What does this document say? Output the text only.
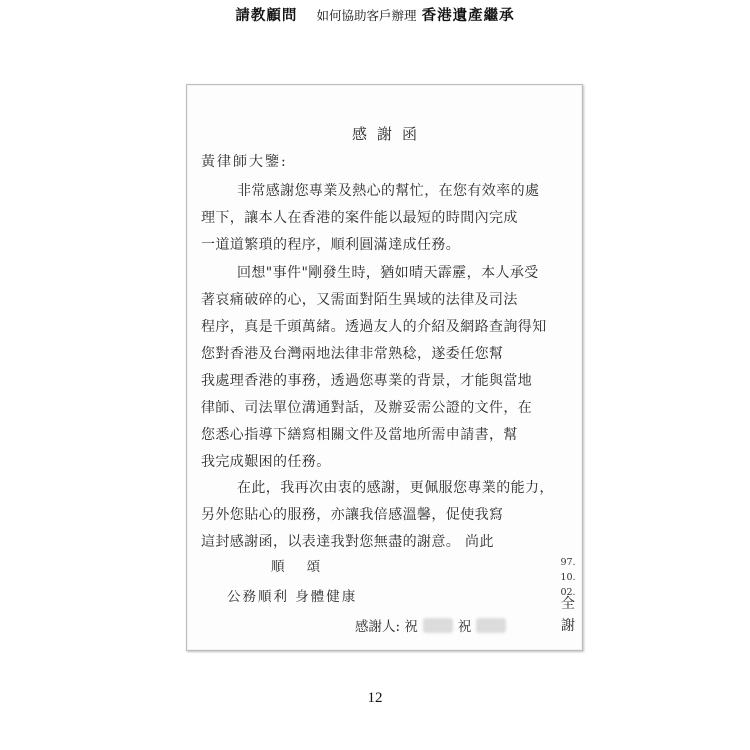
請教顧問 如何協助客戶辦理 香港遺產繼承
感謝函
黃律師大鑒:
非常感謝您專業及熱心的幫忙，在您有效率的處
理下，讓本人在香港的案件能以最短的時間內完成
一道道繁瑣的程序，順利圓滿達成任務。
回想"事件"剛發生時，猶如晴天霹靂，本人承受
著哀痛破碎的心，又需面對陌生異域的法律及司法
程序，真是千頭萬緒。透過友人的介紹及網路查詢得知
您對香港及台灣兩地法律非常熟稔，遂委任您幫
我處理香港的事務，透過您專業的背景，才能與當地
律師、司法單位溝通對話，及辦妥需公證的文件，在
您悉心指導下繕寫相關文件及當地所需申請書，幫
我完成艱困的任務。
在此，我再次由衷的感謝，更佩服您專業的能力，
另外您貼心的服務，亦讓我倍感溫馨，促使我寫
這封感謝函，以表達我對您無盡的謝意。 尚此
順 頌
公務順利 身體健康
感謝人: 祝	祝
97.
10.
02.
全
謝
12
